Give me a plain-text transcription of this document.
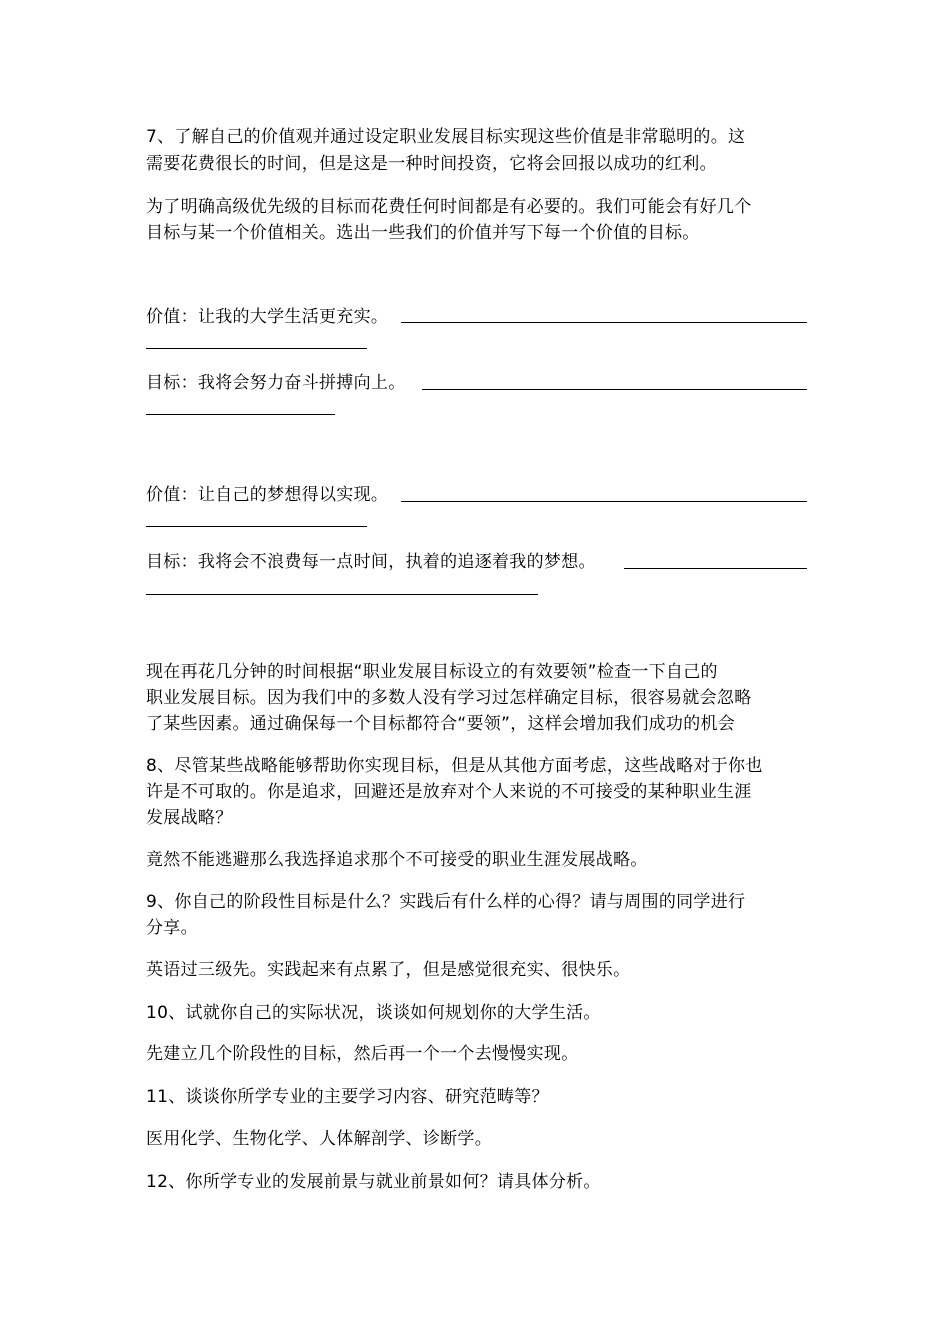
7、了解自己的价值观并通过设定职业发展目标实现这些价值是非常聪明的。这
需要花费很长的时间，但是这是一种时间投资，它将会回报以成功的红利。
为了明确高级优先级的目标而花费任何时间都是有必要的。我们可能会有好几个
目标与某一个价值相关。选出一些我们的价值并写下每一个价值的目标。
价值：让我的大学生活更充实。
目标：我将会努力奋斗拼搏向上。
价值：让自己的梦想得以实现。
目标：我将会不浪费每一点时间，执着的追逐着我的梦想。
现在再花几分钟的时间根据“职业发展目标设立的有效要领”检查一下自己的
职业发展目标。因为我们中的多数人没有学习过怎样确定目标，很容易就会忽略
了某些因素。通过确保每一个目标都符合“要领”，这样会增加我们成功的机会
8、尽管某些战略能够帮助你实现目标，但是从其他方面考虑，这些战略对于你也
许是不可取的。你是追求，回避还是放弃对个人来说的不可接受的某种职业生涯
发展战略？
竟然不能逃避那么我选择追求那个不可接受的职业生涯发展战略。
9、你自己的阶段性目标是什么？实践后有什么样的心得？请与周围的同学进行
分享。
英语过三级先。实践起来有点累了，但是感觉很充实、很快乐。
10、试就你自己的实际状况，谈谈如何规划你的大学生活。
先建立几个阶段性的目标，然后再一个一个去慢慢实现。
11、谈谈你所学专业的主要学习内容、研究范畴等？
医用化学、生物化学、人体解剖学、诊断学。
12、你所学专业的发展前景与就业前景如何？请具体分析。
